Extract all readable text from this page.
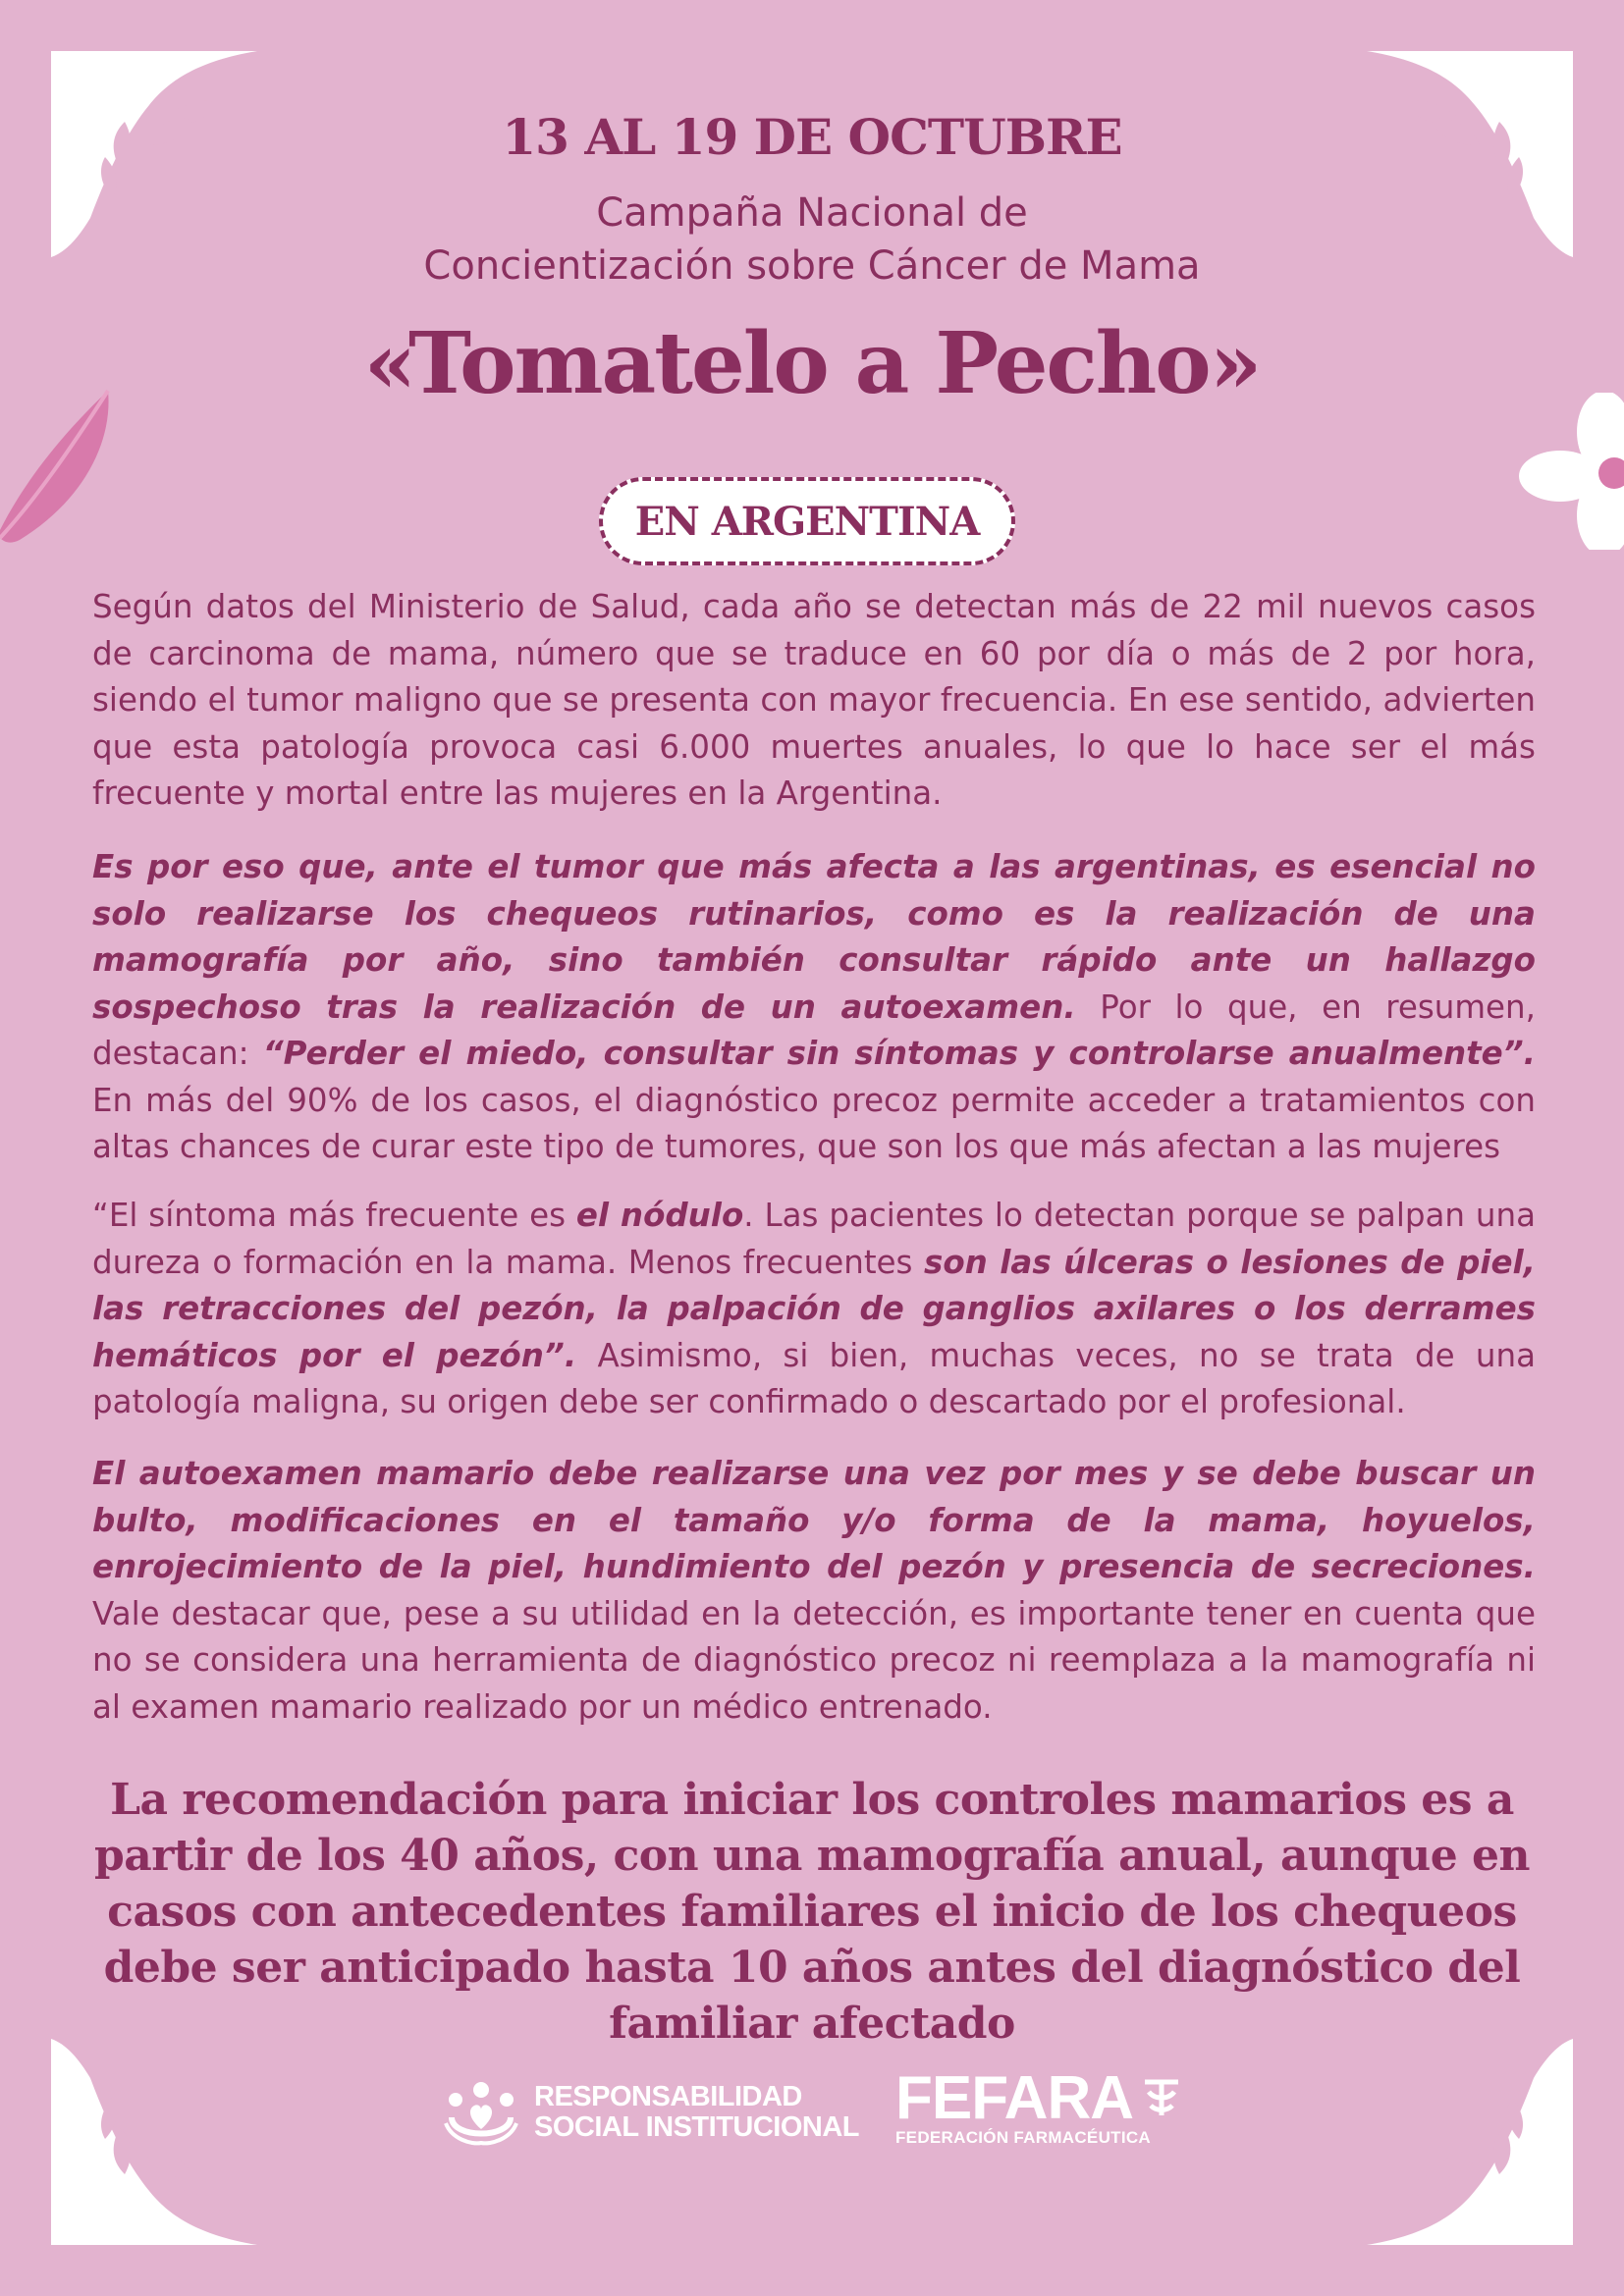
13 AL 19 DE OCTUBRE
Campaña Nacional de
Concientización sobre Cáncer de Mama
«Tomatelo a Pecho»
EN ARGENTINA

Según datos del Ministerio de Salud, cada año se detectan más de 22 mil nuevos casos de carcinoma de mama, número que se traduce en 60 por día o más de 2 por hora, siendo el tumor maligno que se presenta con mayor frecuencia. En ese sentido, advierten que esta patología provoca casi 6.000 muertes anuales, lo que lo hace ser el más frecuente y mortal entre las mujeres en la Argentina.

Es por eso que, ante el tumor que más afecta a las argentinas, es esencial no solo realizarse los chequeos rutinarios, como es la realización de una mamografía por año, sino también consultar rápido ante un hallazgo sospechoso tras la realización de un autoexamen. Por lo que, en resumen, destacan: “Perder el miedo, consultar sin síntomas y controlarse anualmente”. En más del 90% de los casos, el diagnóstico precoz permite acceder a tratamientos con altas chances de curar este tipo de tumores, que son los que más afectan a las mujeres

“El síntoma más frecuente es el nódulo. Las pacientes lo detectan porque se palpan una dureza o formación en la mama. Menos frecuentes son las úlceras o lesiones de piel, las retracciones del pezón, la palpación de ganglios axilares o los derrames hemáticos por el pezón”. Asimismo, si bien, muchas veces, no se trata de una patología maligna, su origen debe ser confirmado o descartado por el profesional.

El autoexamen mamario debe realizarse una vez por mes y se debe buscar un bulto, modificaciones en el tamaño y/o forma de la mama, hoyuelos, enrojecimiento de la piel, hundimiento del pezón y presencia de secreciones. Vale destacar que, pese a su utilidad en la detección, es importante tener en cuenta que no se considera una herramienta de diagnóstico precoz ni reemplaza a la mamografía ni al examen mamario realizado por un médico entrenado.

La recomendación para iniciar los controles mamarios es a partir de los 40 años, con una mamografía anual, aunque en casos con antecedentes familiares el inicio de los chequeos debe ser anticipado hasta 10 años antes del diagnóstico del familiar afectado
RESPONSABILIDAD
SOCIAL INSTITUCIONAL FEFARA
FEDERACIÓN FARMACÉUTICA
